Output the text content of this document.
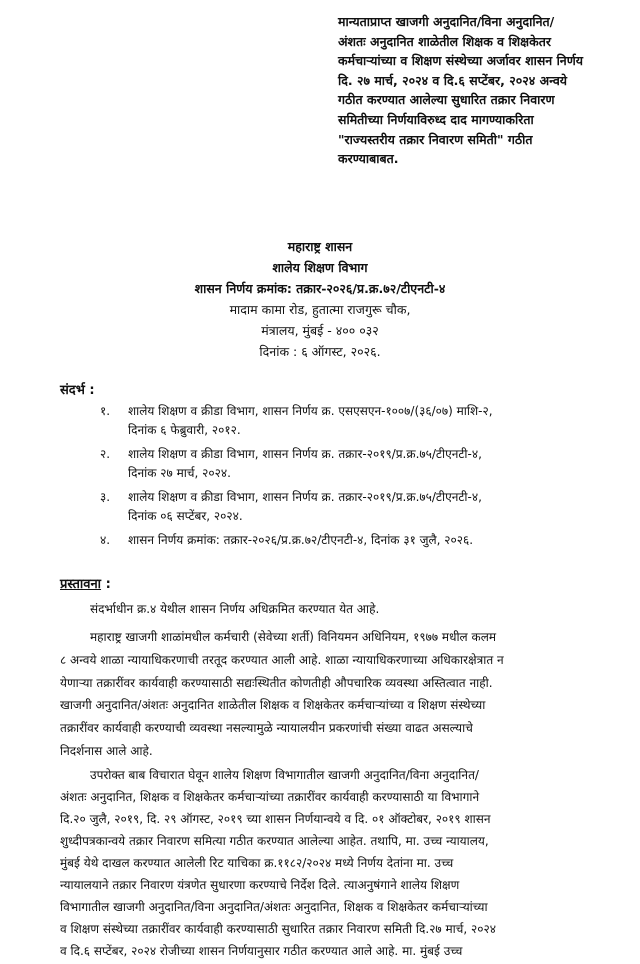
मान्यताप्राप्त खाजगी अनुदानित/विना अनुदानित/
अंशतः अनुदानित शाळेतील शिक्षक व शिक्षकेतर
कर्मचाऱ्यांच्या व शिक्षण संस्थेच्या अर्जावर शासन निर्णय
दि. २७ मार्च, २०२४ व दि.६ सप्टेंबर, २०२४ अन्वये
गठीत करण्यात आलेल्या सुधारित तक्रार निवारण
समितीच्या निर्णयाविरुध्द दाद मागण्याकरिता
"राज्यस्तरीय तक्रार निवारण समिती" गठीत
करण्याबाबत.
महाराष्ट्र शासन
शालेय शिक्षण विभाग
शासन निर्णय क्रमांक: तक्रार-२०२६/प्र.क्र.७२/टीएनटी-४
मादाम कामा रोड, हुतात्मा राजगुरू चौक,
मंत्रालय, मुंबई - ४०० ०३२
दिनांक : ६ ऑगस्ट, २०२६.
संदर्भ :
१. शालेय शिक्षण व क्रीडा विभाग, शासन निर्णय क्र. एसएसएन-१००७/(३६/०७) माशि-२,
दिनांक ६ फेब्रुवारी, २०१२.
२. शालेय शिक्षण व क्रीडा विभाग, शासन निर्णय क्र. तक्रार-२०१९/प्र.क्र.७५/टीएनटी-४,
दिनांक २७ मार्च, २०२४.
३. शालेय शिक्षण व क्रीडा विभाग, शासन निर्णय क्र. तक्रार-२०१९/प्र.क्र.७५/टीएनटी-४,
दिनांक ०६ सप्टेंबर, २०२४.
४. शासन निर्णय क्रमांक: तक्रार-२०२६/प्र.क्र.७२/टीएनटी-४, दिनांक ३१ जुलै, २०२६.
प्रस्तावना :
संदर्भाधीन क्र.४ येथील शासन निर्णय अधिक्रमित करण्यात येत आहे.
महाराष्ट्र खाजगी शाळांमधील कर्मचारी (सेवेच्या शर्ती) विनियमन अधिनियम, १९७७ मधील कलम
८ अन्वये शाळा न्यायाधिकरणाची तरतूद करण्यात आली आहे. शाळा न्यायाधिकरणाच्या अधिकारक्षेत्रात न
येणाऱ्या तक्रारींवर कार्यवाही करण्यासाठी सद्यःस्थितीत कोणतीही औपचारिक व्यवस्था अस्तित्वात नाही.
खाजगी अनुदानित/अंशतः अनुदानित शाळेतील शिक्षक व शिक्षकेतर कर्मचाऱ्यांच्या व शिक्षण संस्थेच्या
तक्रारींवर कार्यवाही करण्याची व्यवस्था नसल्यामुळे न्यायालयीन प्रकरणांची संख्या वाढत असल्याचे
निदर्शनास आले आहे.
उपरोक्त बाब विचारात घेवून शालेय शिक्षण विभागातील खाजगी अनुदानित/विना अनुदानित/
अंशतः अनुदानित, शिक्षक व शिक्षकेतर कर्मचाऱ्यांच्या तक्रारींवर कार्यवाही करण्यासाठी या विभागाने
दि.२० जुलै, २०१९, दि. २९ ऑगस्ट, २०१९ च्या शासन निर्णयान्वये व दि. ०१ ऑक्टोबर, २०१९ शासन
शुध्दीपत्रकान्वये तक्रार निवारण समित्या गठीत करण्यात आलेल्या आहेत. तथापि, मा. उच्च न्यायालय,
मुंबई येथे दाखल करण्यात आलेली रिट याचिका क्र.११८२/२०२४ मध्ये निर्णय देतांना मा. उच्च
न्यायालयाने तक्रार निवारण यंत्रणेत सुधारणा करण्याचे निर्देश दिले. त्याअनुषंगाने शालेय शिक्षण
विभागातील खाजगी अनुदानित/विना अनुदानित/अंशतः अनुदानित, शिक्षक व शिक्षकेतर कर्मचाऱ्यांच्या
व शिक्षण संस्थेच्या तक्रारींवर कार्यवाही करण्यासाठी सुधारित तक्रार निवारण समिती दि.२७ मार्च, २०२४
व दि.६ सप्टेंबर, २०२४ रोजीच्या शासन निर्णयानुसार गठीत करण्यात आले आहे. मा. मुंबई उच्च
